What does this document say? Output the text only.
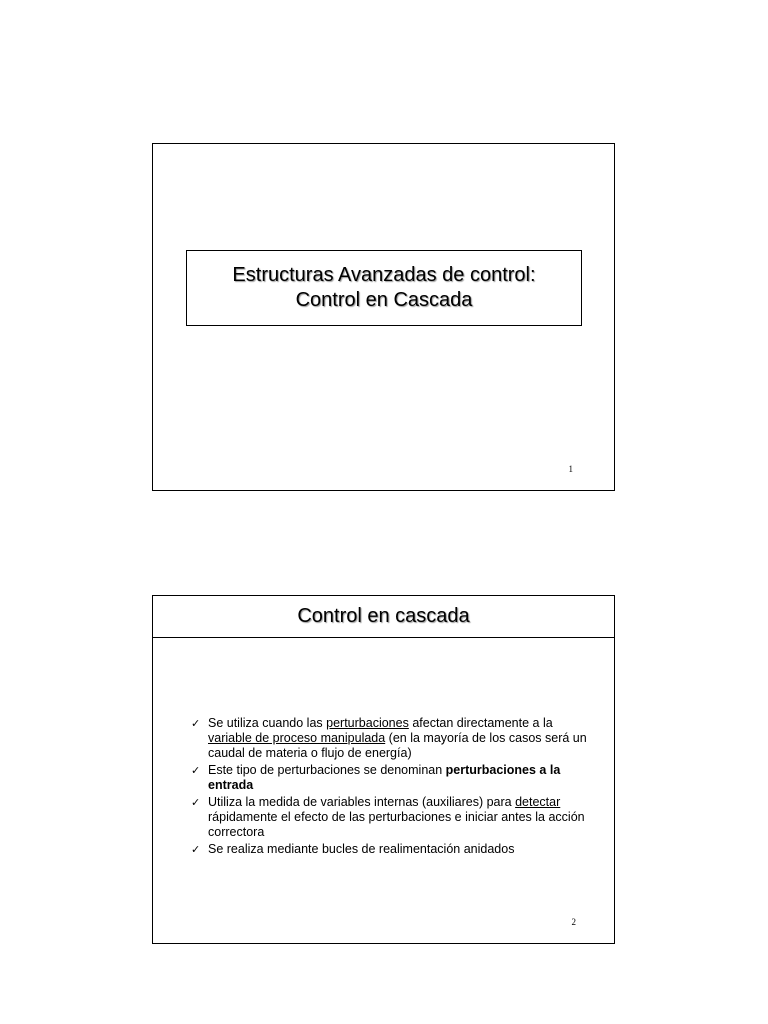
Estructuras Avanzadas de control:
Control en Cascada
1
Control en cascada
✓ Se utiliza cuando las perturbaciones afectan directamente a la variable de proceso manipulada (en la mayoría de los casos será un caudal de materia o flujo de energía)
✓ Este tipo de perturbaciones se denominan perturbaciones a la entrada
✓ Utiliza la medida de variables internas (auxiliares) para detectar rápidamente el efecto de las perturbaciones e iniciar antes la acción correctora
✓ Se realiza mediante bucles de realimentación anidados
2
